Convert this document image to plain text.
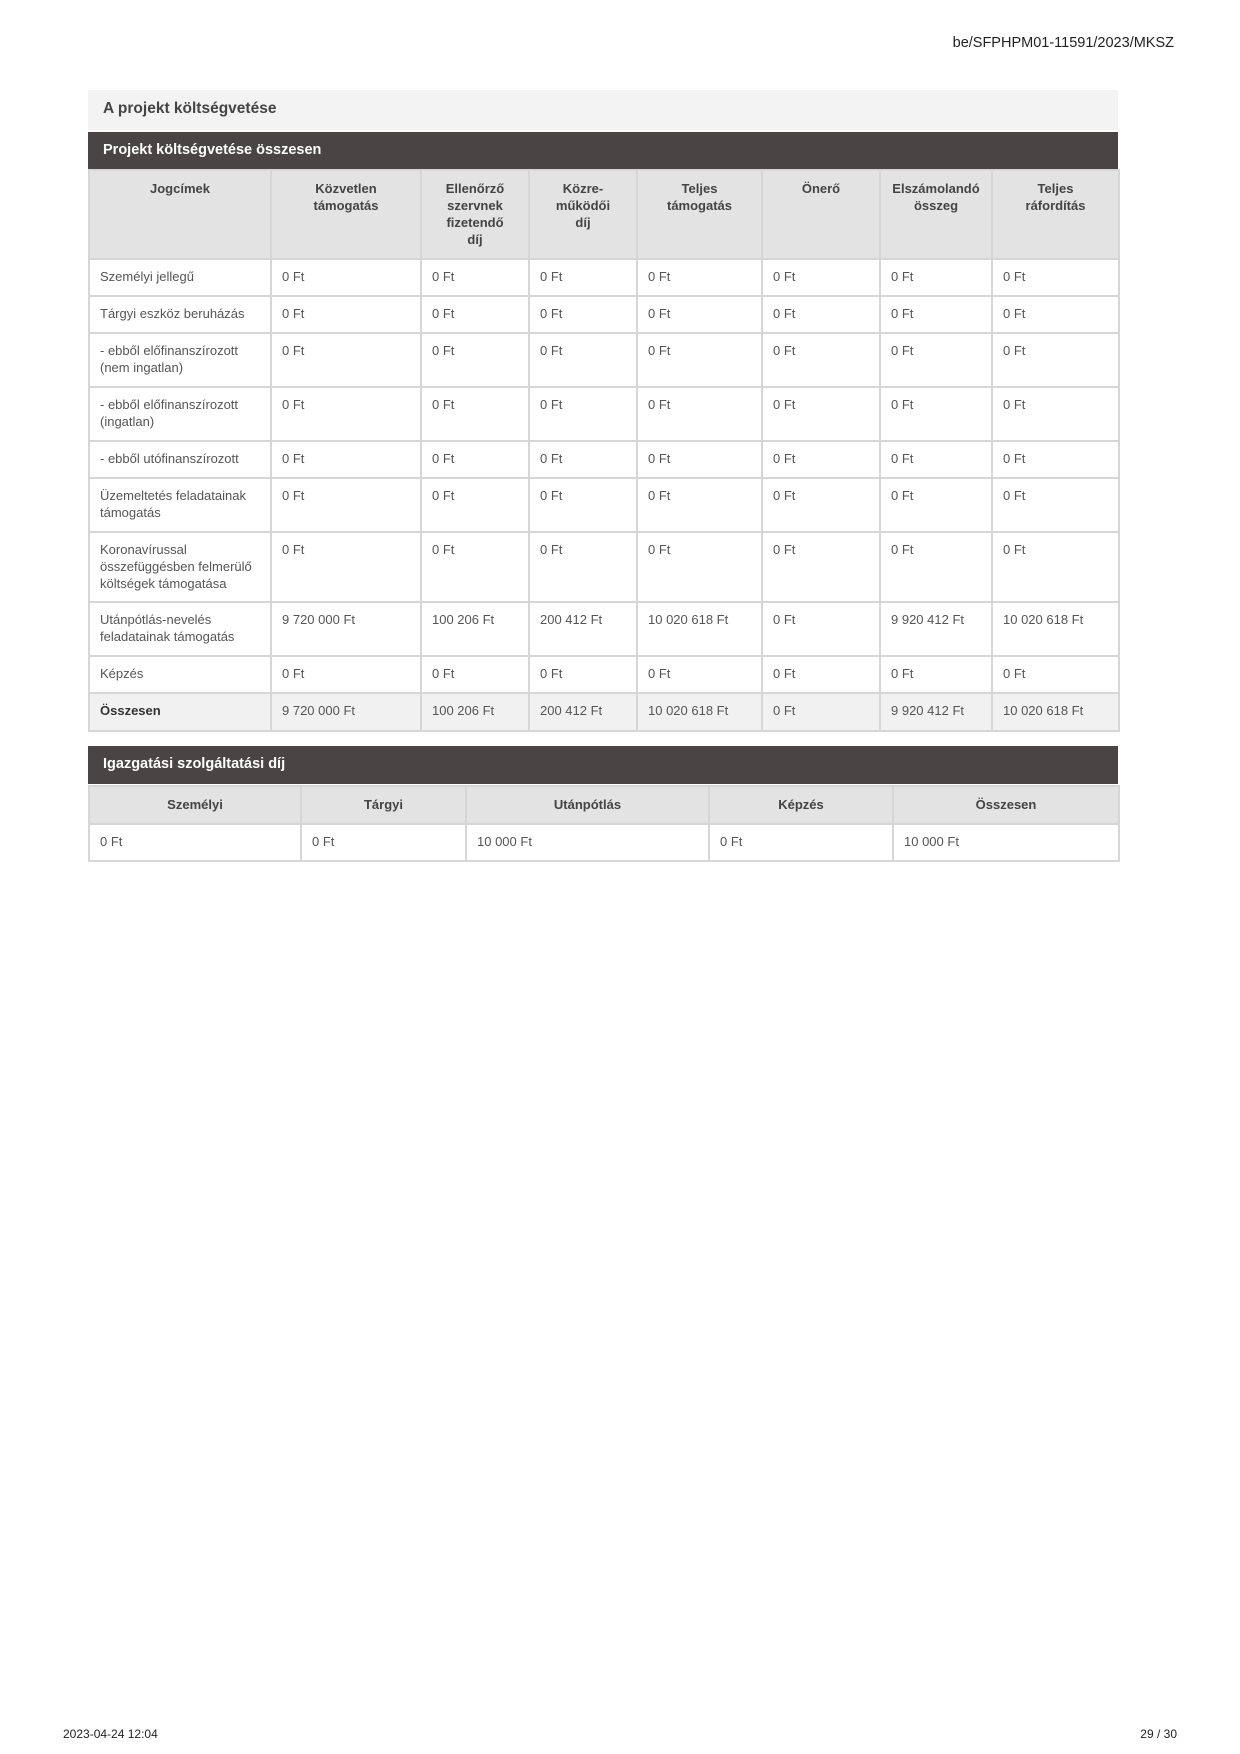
be/SFPHPM01-11591/2023/MKSZ
A projekt költségvetése
Projekt költségvetése összesen
Jogcímek	Közvetlen támogatás	Ellenőrző szervnek fizetendő díj	Közre-működői díj	Teljes támogatás	Önerő	Elszámolandó összeg	Teljes ráfordítás
Személyi jellegű	0 Ft	0 Ft	0 Ft	0 Ft	0 Ft	0 Ft	0 Ft
Tárgyi eszköz beruházás	0 Ft	0 Ft	0 Ft	0 Ft	0 Ft	0 Ft	0 Ft
- ebből előfinanszírozott (nem ingatlan)	0 Ft	0 Ft	0 Ft	0 Ft	0 Ft	0 Ft	0 Ft
- ebből előfinanszírozott (ingatlan)	0 Ft	0 Ft	0 Ft	0 Ft	0 Ft	0 Ft	0 Ft
- ebből utófinanszírozott	0 Ft	0 Ft	0 Ft	0 Ft	0 Ft	0 Ft	0 Ft
Üzemeltetés feladatainak támogatás	0 Ft	0 Ft	0 Ft	0 Ft	0 Ft	0 Ft	0 Ft
Koronavírussal összefüggésben felmerülő költségek támogatása	0 Ft	0 Ft	0 Ft	0 Ft	0 Ft	0 Ft	0 Ft
Utánpótlás-nevelés feladatainak támogatás	9 720 000 Ft	100 206 Ft	200 412 Ft	10 020 618 Ft	0 Ft	9 920 412 Ft	10 020 618 Ft
Képzés	0 Ft	0 Ft	0 Ft	0 Ft	0 Ft	0 Ft	0 Ft
Összesen	9 720 000 Ft	100 206 Ft	200 412 Ft	10 020 618 Ft	0 Ft	9 920 412 Ft	10 020 618 Ft
Igazgatási szolgáltatási díj
Személyi	Tárgyi	Utánpótlás	Képzés	Összesen
0 Ft	0 Ft	10 000 Ft	0 Ft	10 000 Ft
2023-04-24 12:04	29 / 30
